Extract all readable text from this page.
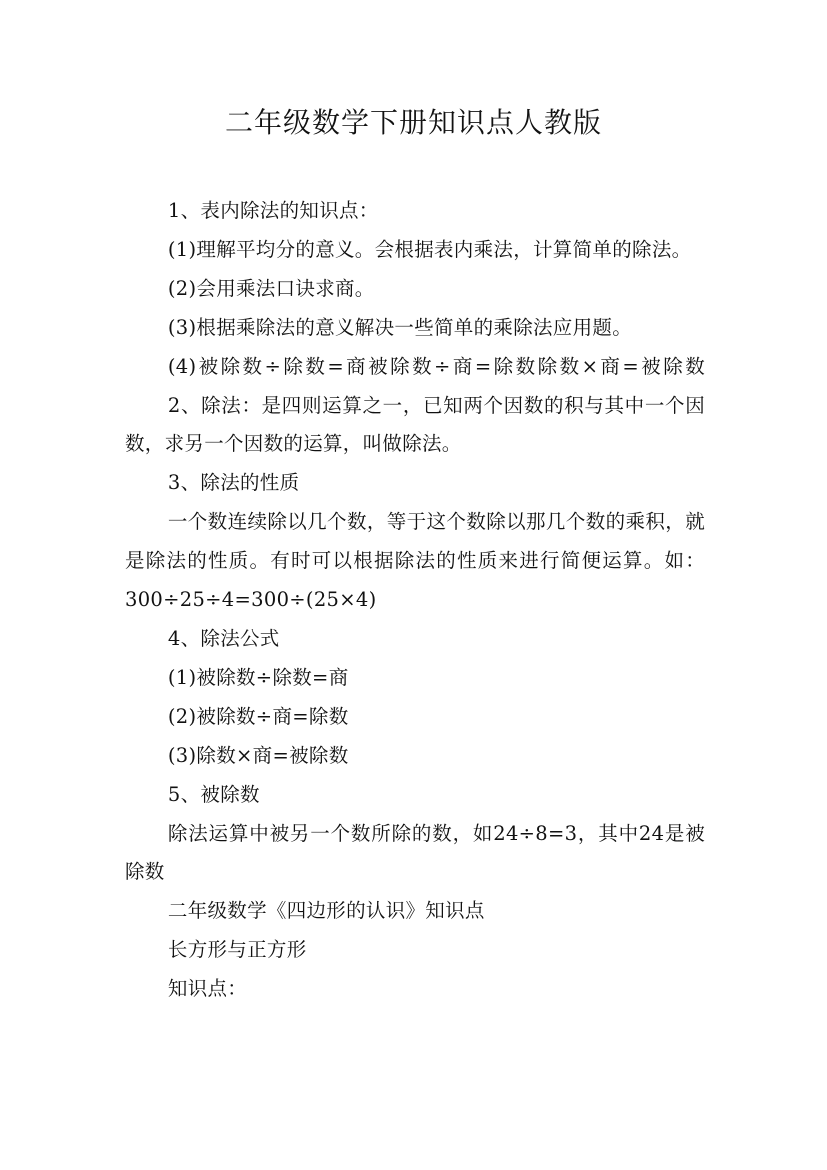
二年级数学下册知识点人教版

1、表内除法的知识点：

(1)理解平均分的意义。会根据表内乘法，计算简单的除法。

(2)会用乘法口诀求商。

(3)根据乘除法的意义解决一些简单的乘除法应用题。

(4)被除数÷除数=商被除数÷商=除数除数×商=被除数

2、除法：是四则运算之一，已知两个因数的积与其中一个因数，求另一个因数的运算，叫做除法。

3、除法的性质

一个数连续除以几个数，等于这个数除以那几个数的乘积，就是除法的性质。有时可以根据除法的性质来进行简便运算。如：300÷25÷4=300÷(25×4)

4、除法公式

(1)被除数÷除数=商

(2)被除数÷商=除数

(3)除数×商=被除数

5、被除数

除法运算中被另一个数所除的数，如24÷8=3，其中24是被除数

二年级数学《四边形的认识》知识点

长方形与正方形

知识点：
